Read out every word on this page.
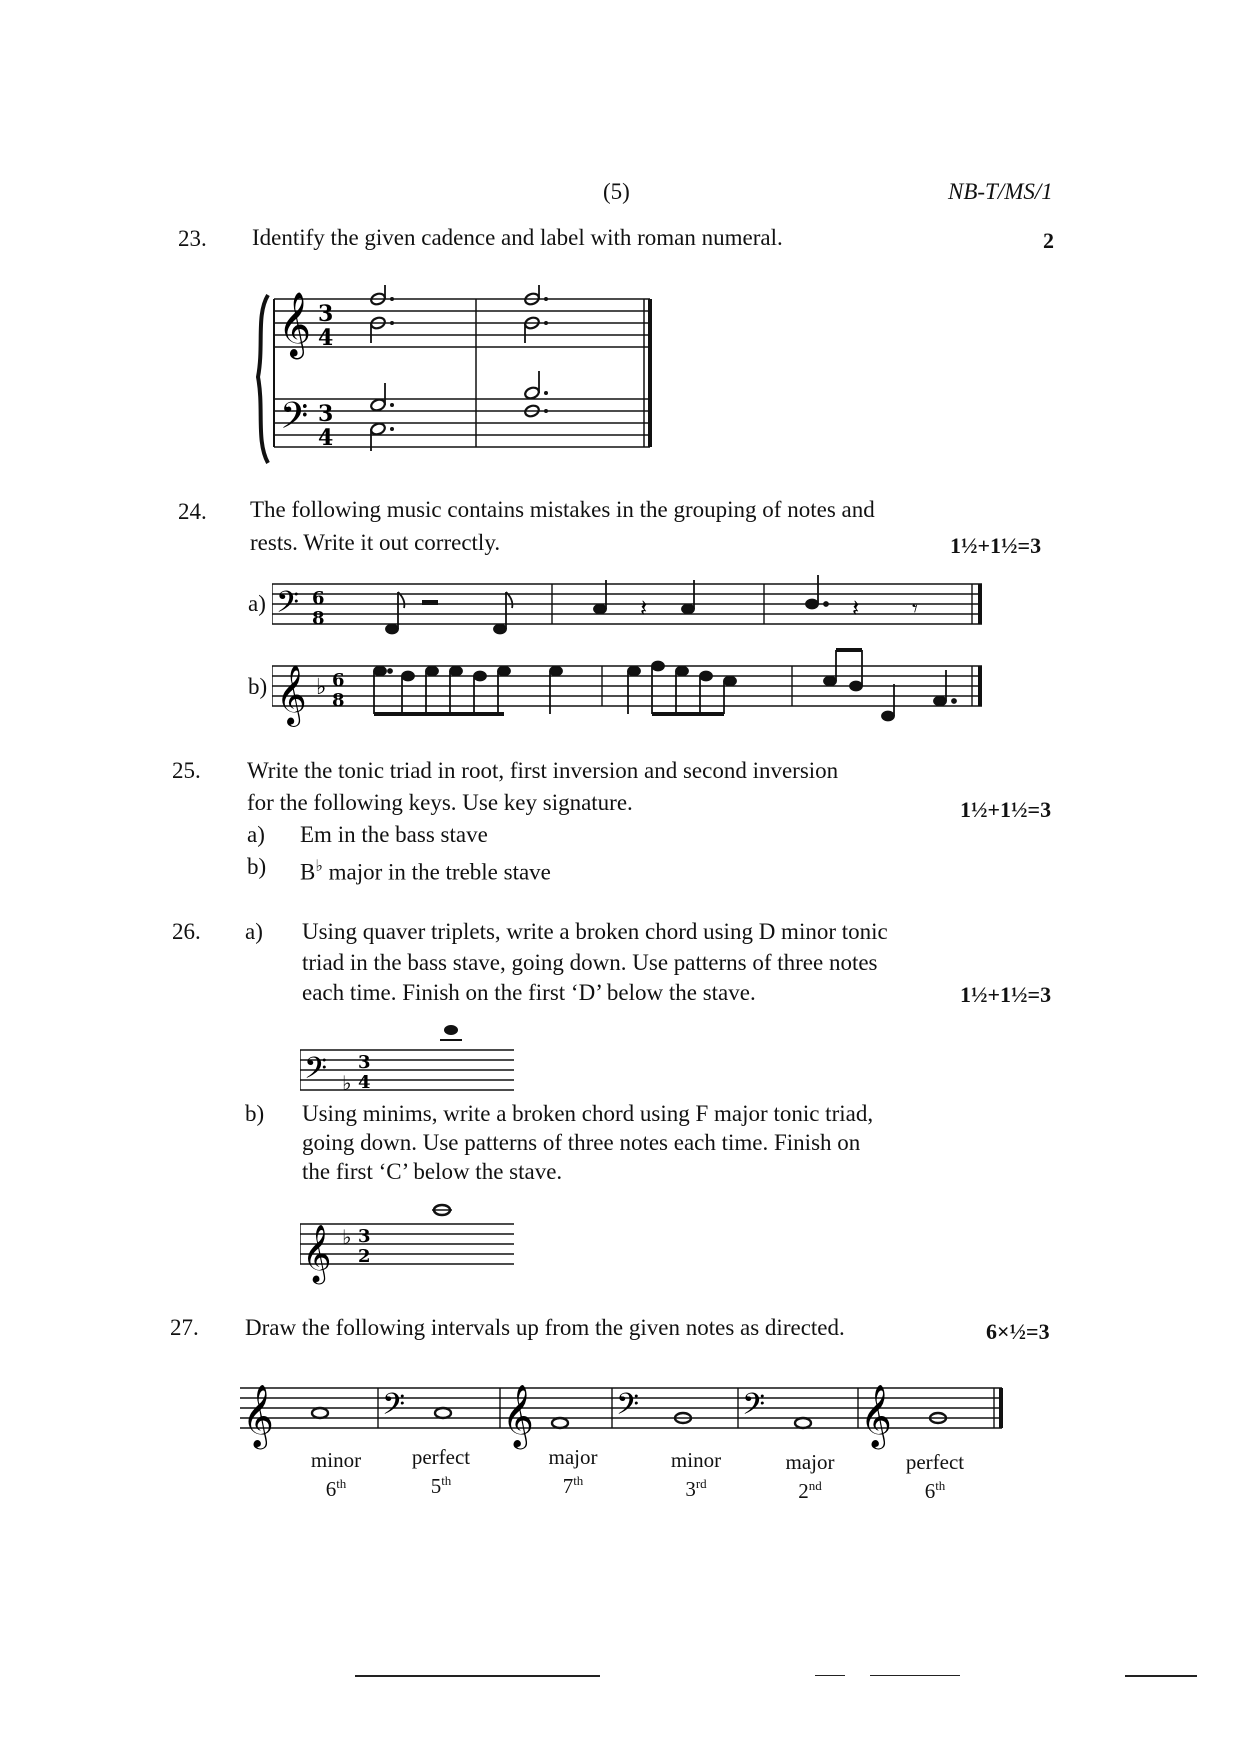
(5)	NB-T/MS/1
23. Identify the given cadence and label with roman numeral.	2
𝄞
𝄢
3
4
3
4
24. The following music contains mistakes in the grouping of notes and
rests. Write it out correctly.	1½+1½=3
a) 𝄢 6
8	𝄽	𝄽 𝄾
b) 𝄞 ♭ 6
8
25. Write the tonic triad in root, first inversion and second inversion
for the following keys. Use key signature.	1½+1½=3
a) Em in the bass stave
b) B♭ major in the treble stave
26. a) Using quaver triplets, write a broken chord using D minor tonic
triad in the bass stave, going down. Use patterns of three notes
each time. Finish on the first ‘D’ below the stave.	1½+1½=3
𝄢 ♭
3
4
b) Using minims, write a broken chord using F major tonic triad,
going down. Use patterns of three notes each time. Finish on
the first ‘C’ below the stave.
𝄞 ♭ 3
2
27. Draw the following intervals up from the given notes as directed.	6×½=3
𝄞	𝄢 𝄞 𝄢	𝄢 𝄞
minor
6th
perfect
5th
major
7th
minor
3rd
major
2nd
perfect
6th
